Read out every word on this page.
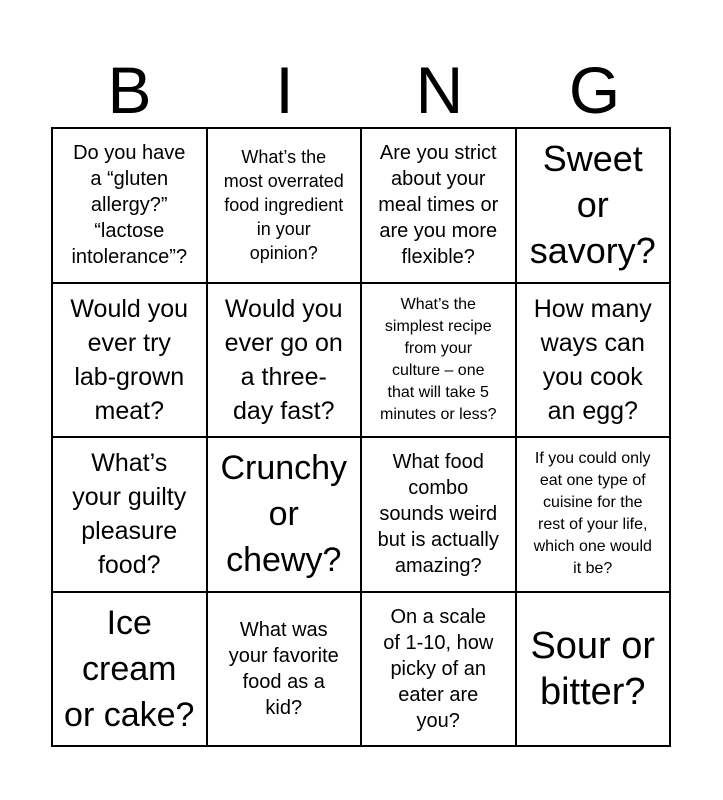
B	I	N	G
Do you have
a “gluten
allergy?”
“lactose
intolerance”?
What’s the
most overrated
food ingredient
in your
opinion?
Are you strict
about your
meal times or
are you more
flexible?
Sweet
or
savory?
Would you
ever try
lab-grown
meat?
Would you
ever go on
a three-
day fast?
What’s the
simplest recipe
from your
culture – one
that will take 5
minutes or less?
How many
ways can
you cook
an egg?
What’s
your guilty
pleasure
food?
Crunchy
or
chewy?
What food
combo
sounds weird
but is actually
amazing?
If you could only
eat one type of
cuisine for the
rest of your life,
which one would
it be?
Ice
cream
or cake?
What was
your favorite
food as a
kid?
On a scale
of 1-10, how
picky of an
eater are
you?
Sour or
bitter?
